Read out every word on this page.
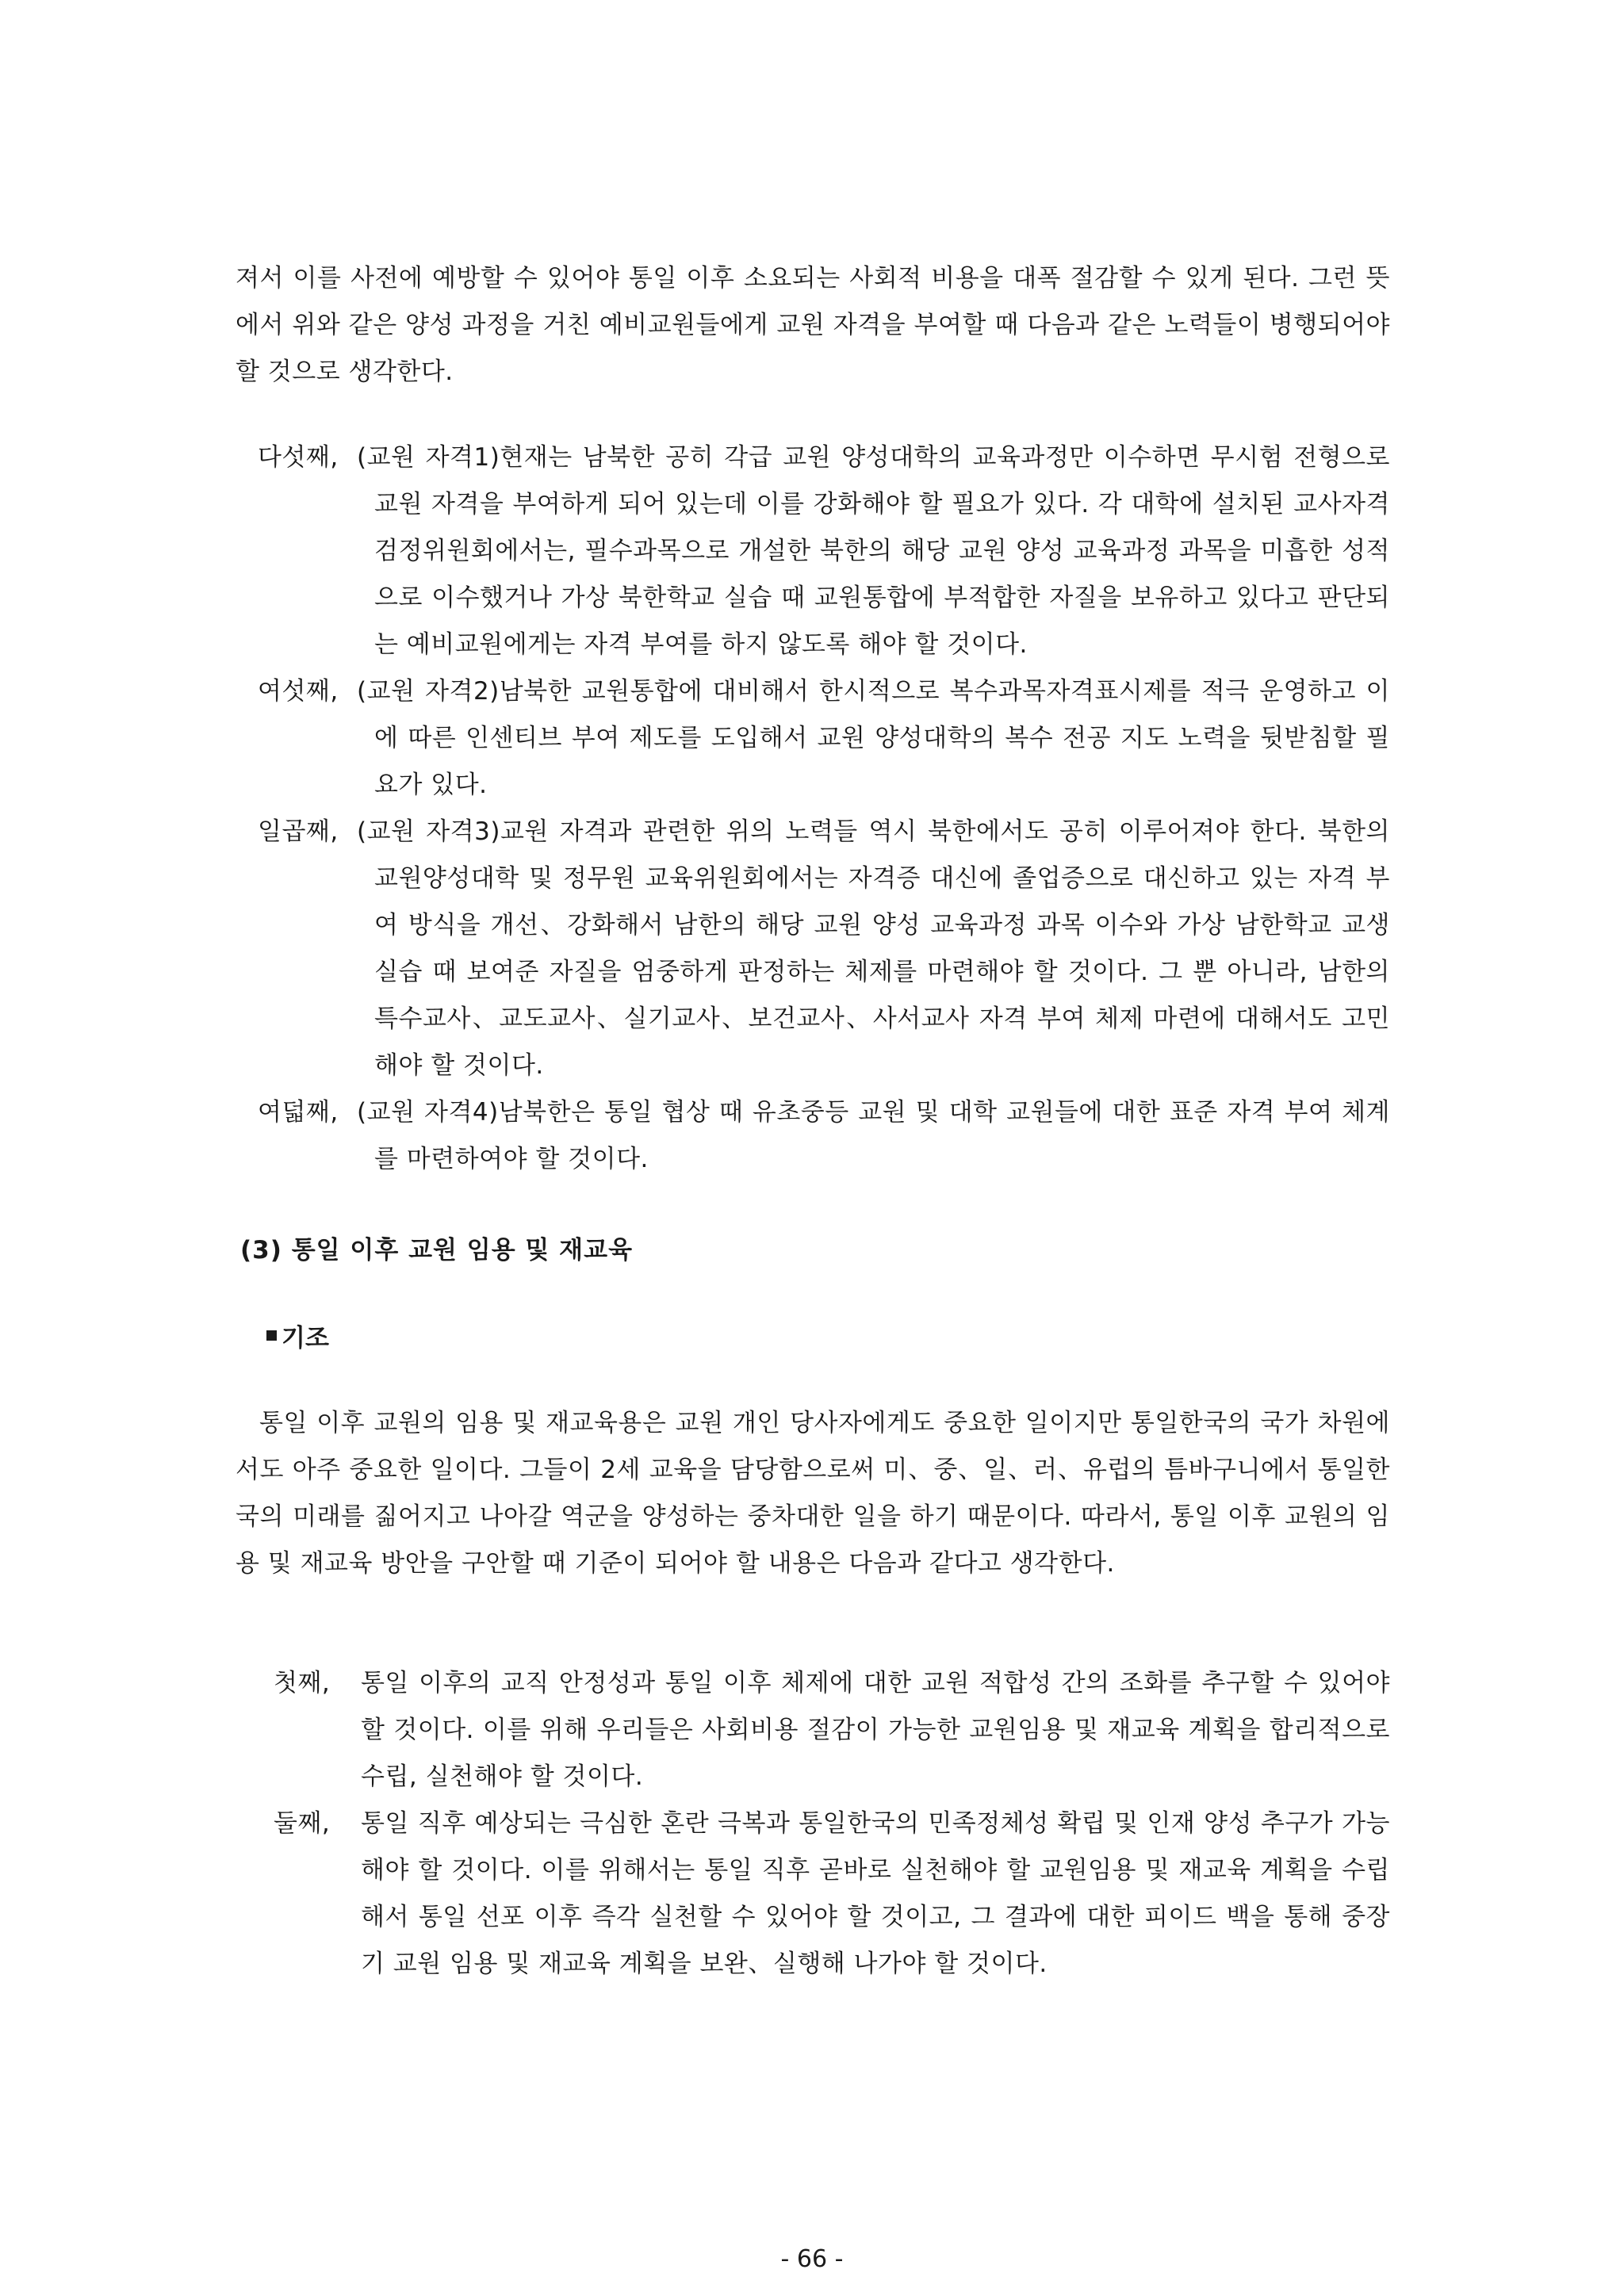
져서 이를 사전에 예방할 수 있어야 통일 이후 소요되는 사회적 비용을 대폭 절감할 수 있게 된다. 그런 뜻에서 위와 같은 양성 과정을 거친 예비교원들에게 교원 자격을 부여할 때 다음과 같은 노력들이 병행되어야 할 것으로 생각한다.

다섯째, (교원 자격1)현재는 남북한 공히 각급 교원 양성대학의 교육과정만 이수하면 무시험 전형으로 교원 자격을 부여하게 되어 있는데 이를 강화해야 할 필요가 있다. 각 대학에 설치된 교사자격검정위원회에서는, 필수과목으로 개설한 북한의 해당 교원 양성 교육과정 과목을 미흡한 성적으로 이수했거나 가상 북한학교 실습 때 교원통합에 부적합한 자질을 보유하고 있다고 판단되는 예비교원에게는 자격 부여를 하지 않도록 해야 할 것이다.
여섯째, (교원 자격2)남북한 교원통합에 대비해서 한시적으로 복수과목자격표시제를 적극 운영하고 이에 따른 인센티브 부여 제도를 도입해서 교원 양성대학의 복수 전공 지도 노력을 뒷받침할 필요가 있다.
일곱째, (교원 자격3)교원 자격과 관련한 위의 노력들 역시 북한에서도 공히 이루어져야 한다. 북한의 교원양성대학 및 정무원 교육위원회에서는 자격증 대신에 졸업증으로 대신하고 있는 자격 부여 방식을 개선、강화해서 남한의 해당 교원 양성 교육과정 과목 이수와 가상 남한학교 교생 실습 때 보여준 자질을 엄중하게 판정하는 체제를 마련해야 할 것이다. 그 뿐 아니라, 남한의 특수교사、교도교사、실기교사、보건교사、사서교사 자격 부여 체제 마련에 대해서도 고민해야 할 것이다.
여덟째, (교원 자격4)남북한은 통일 협상 때 유초중등 교원 및 대학 교원들에 대한 표준 자격 부여 체계를 마련하여야 할 것이다.
(3) 통일 이후 교원 임용 및 재교육
기조

통일 이후 교원의 임용 및 재교육용은 교원 개인 당사자에게도 중요한 일이지만 통일한국의 국가 차원에서도 아주 중요한 일이다. 그들이 2세 교육을 담당함으로써 미、중、일、러、유럽의 틈바구니에서 통일한국의 미래를 짊어지고 나아갈 역군을 양성하는 중차대한 일을 하기 때문이다. 따라서, 통일 이후 교원의 임용 및 재교육 방안을 구안할 때 기준이 되어야 할 내용은 다음과 같다고 생각한다.

첫째, 통일 이후의 교직 안정성과 통일 이후 체제에 대한 교원 적합성 간의 조화를 추구할 수 있어야 할 것이다. 이를 위해 우리들은 사회비용 절감이 가능한 교원임용 및 재교육 계획을 합리적으로 수립, 실천해야 할 것이다.
둘째, 통일 직후 예상되는 극심한 혼란 극복과 통일한국의 민족정체성 확립 및 인재 양성 추구가 가능해야 할 것이다. 이를 위해서는 통일 직후 곧바로 실천해야 할 교원임용 및 재교육 계획을 수립해서 통일 선포 이후 즉각 실천할 수 있어야 할 것이고, 그 결과에 대한 피이드 백을 통해 중장기 교원 임용 및 재교육 계획을 보완、실행해 나가야 할 것이다.

- 66 -
